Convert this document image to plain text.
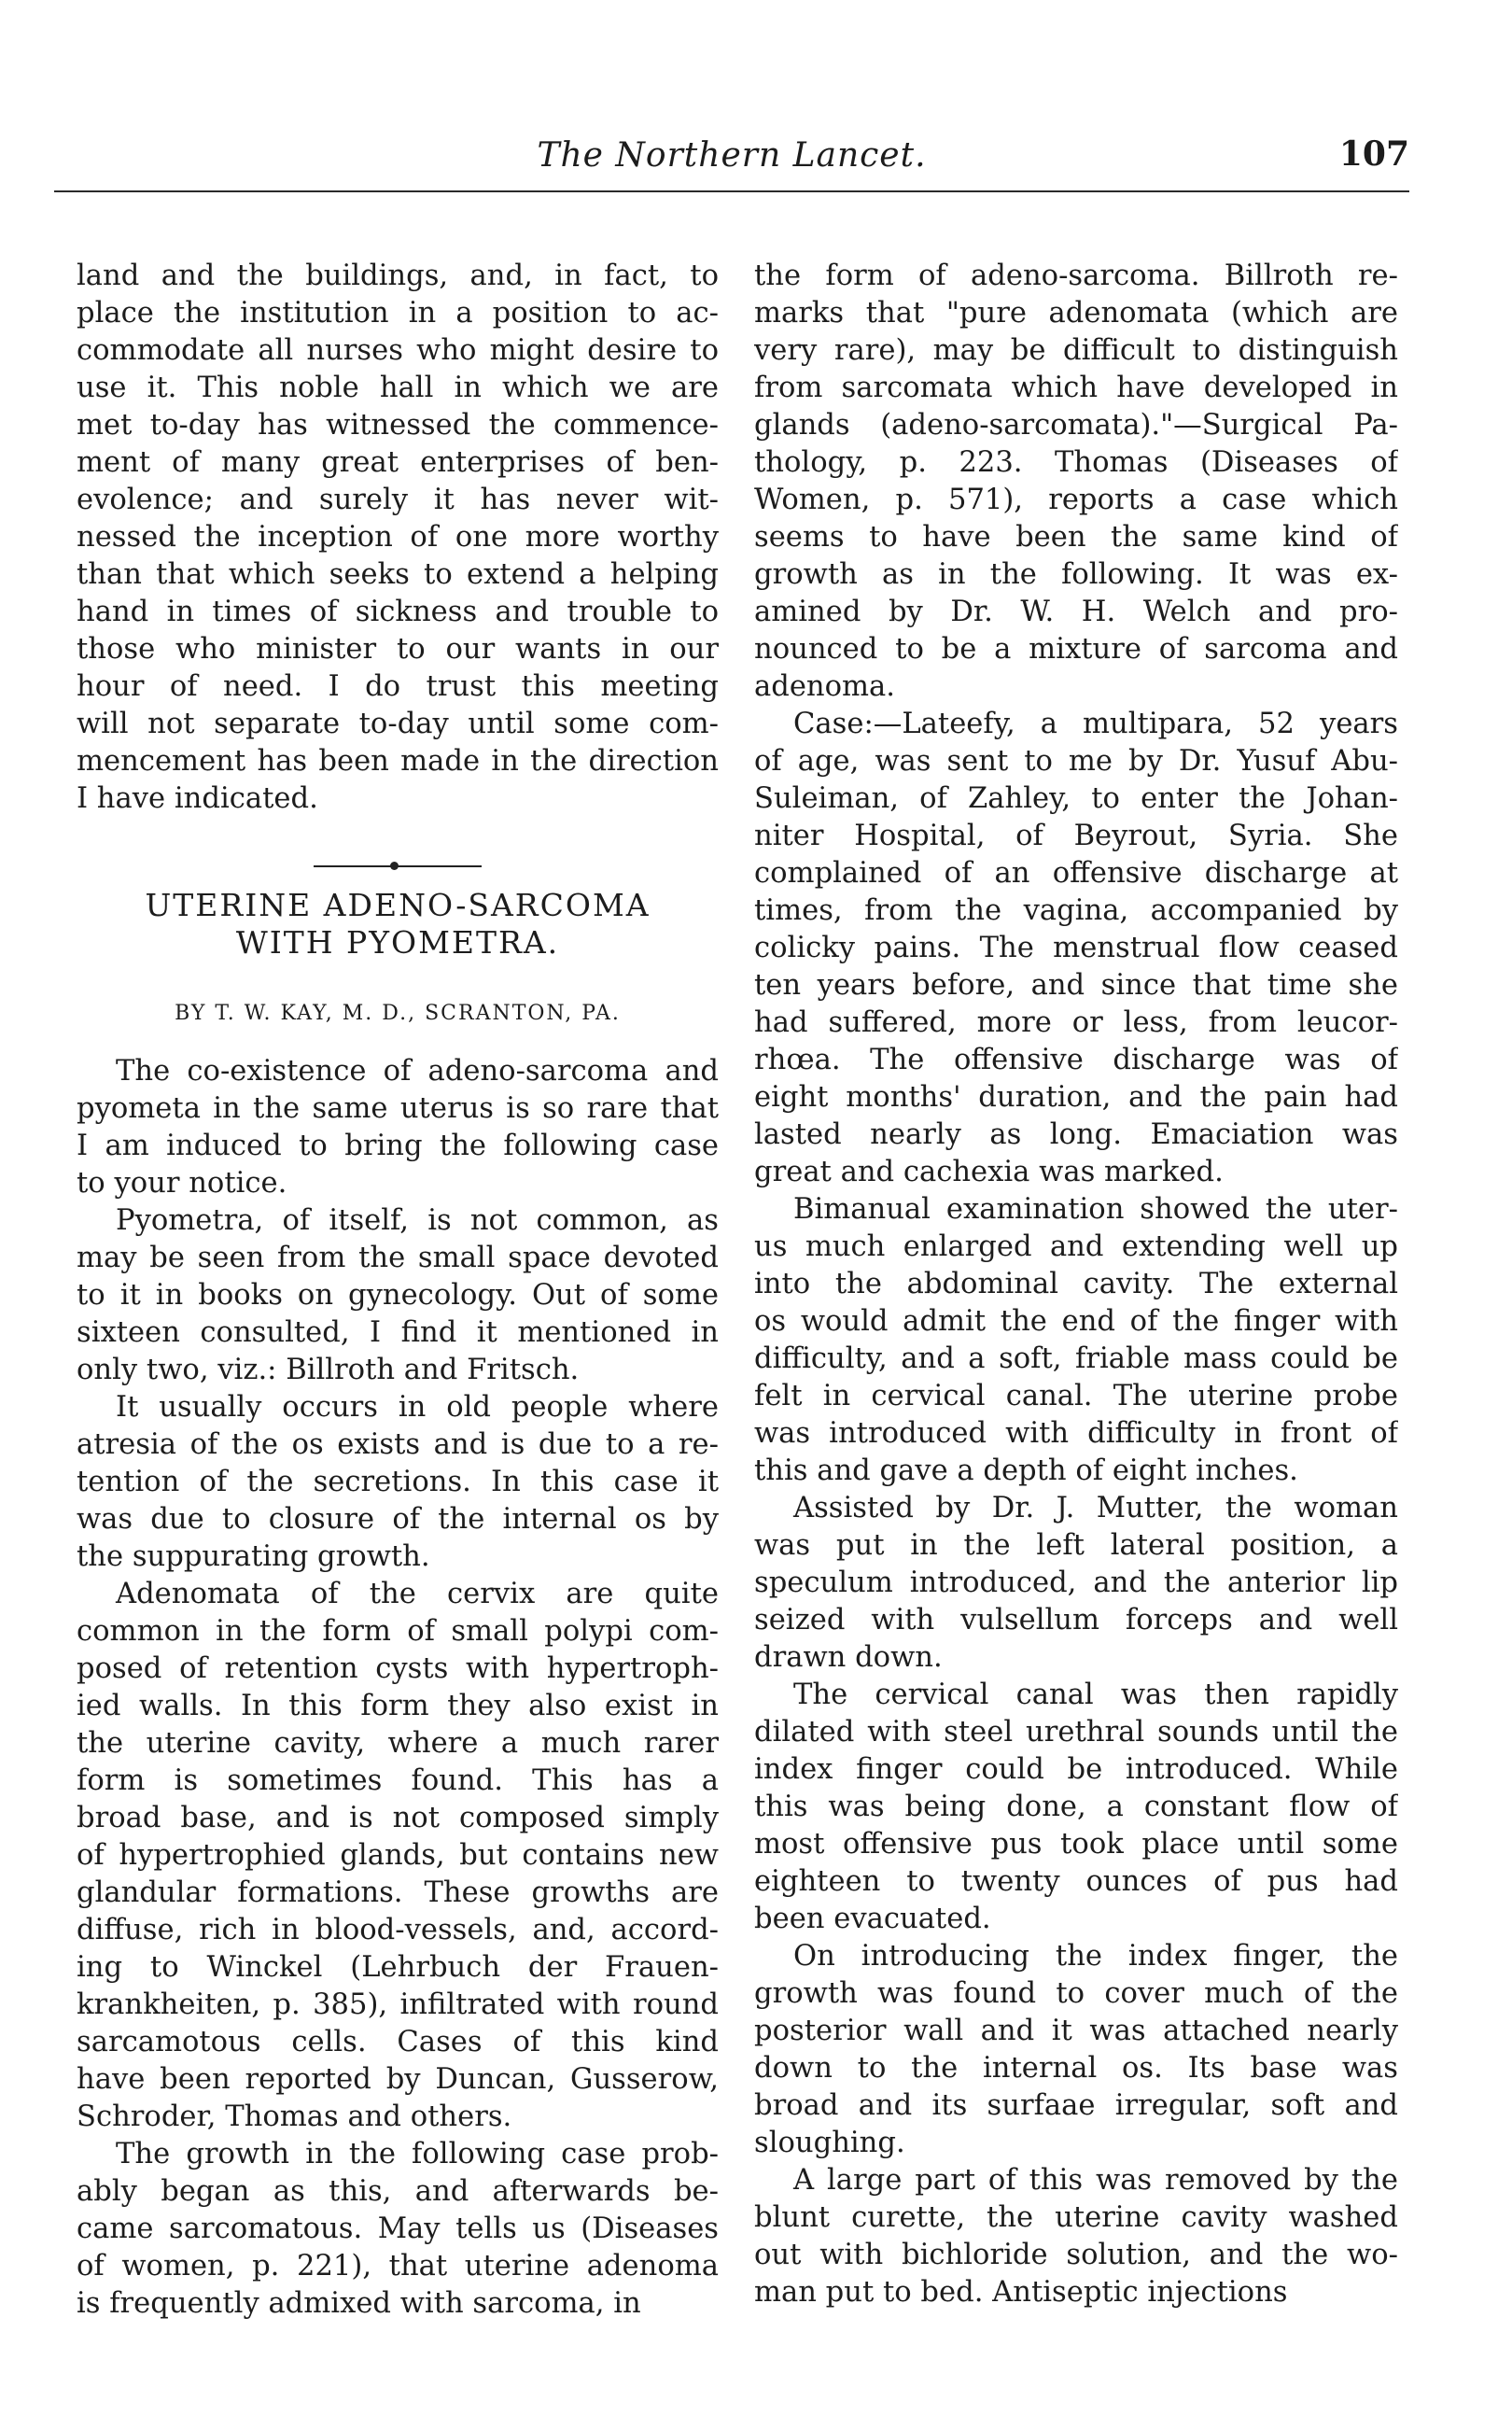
The Northern Lancet.	107
land and the buildings, and, in fact, to
place the institution in a position to ac-
commodate all nurses who might desire to
use it. This noble hall in which we are
met to-day has witnessed the commence-
ment of many great enterprises of ben-
evolence; and surely it has never wit-
nessed the inception of one more worthy
than that which seeks to extend a helping
hand in times of sickness and trouble to
those who minister to our wants in our
hour of need. I do trust this meeting
will not separate to-day until some com-
mencement has been made in the direction
I have indicated.
UTERINE ADENO-SARCOMA
WITH PYOMETRA.
BY T. W. KAY, M. D., SCRANTON, PA.
The co-existence of adeno-sarcoma and
pyometa in the same uterus is so rare that
I am induced to bring the following case
to your notice.
Pyometra, of itself, is not common, as
may be seen from the small space devoted
to it in books on gynecology. Out of some
sixteen consulted, I find it mentioned in
only two, viz.: Billroth and Fritsch.
It usually occurs in old people where
atresia of the os exists and is due to a re-
tention of the secretions. In this case it
was due to closure of the internal os by
the suppurating growth.
Adenomata of the cervix are quite
common in the form of small polypi com-
posed of retention cysts with hypertroph-
ied walls. In this form they also exist in
the uterine cavity, where a much rarer
form is sometimes found. This has a
broad base, and is not composed simply
of hypertrophied glands, but contains new
glandular formations. These growths are
diffuse, rich in blood-vessels, and, accord-
ing to Winckel (Lehrbuch der Frauen-
krankheiten, p. 385), infiltrated with round
sarcamotous cells. Cases of this kind
have been reported by Duncan, Gusserow,
Schroder, Thomas and others.
The growth in the following case prob-
ably began as this, and afterwards be-
came sarcomatous. May tells us (Diseases
of women, p. 221), that uterine adenoma
is frequently admixed with sarcoma, in
the form of adeno-sarcoma. Billroth re-
marks that "pure adenomata (which are
very rare), may be difficult to distinguish
from sarcomata which have developed in
glands (adeno-sarcomata)."—Surgical Pa-
thology, p. 223. Thomas (Diseases of
Women, p. 571), reports a case which
seems to have been the same kind of
growth as in the following. It was ex-
amined by Dr. W. H. Welch and pro-
nounced to be a mixture of sarcoma and
adenoma.
Case:—Lateefy, a multipara, 52 years
of age, was sent to me by Dr. Yusuf Abu-
Suleiman, of Zahley, to enter the Johan-
niter Hospital, of Beyrout, Syria. She
complained of an offensive discharge at
times, from the vagina, accompanied by
colicky pains. The menstrual flow ceased
ten years before, and since that time she
had suffered, more or less, from leucor-
rhœa. The offensive discharge was of
eight months' duration, and the pain had
lasted nearly as long. Emaciation was
great and cachexia was marked.
Bimanual examination showed the uter-
us much enlarged and extending well up
into the abdominal cavity. The external
os would admit the end of the finger with
difficulty, and a soft, friable mass could be
felt in cervical canal. The uterine probe
was introduced with difficulty in front of
this and gave a depth of eight inches.
Assisted by Dr. J. Mutter, the woman
was put in the left lateral position, a
speculum introduced, and the anterior lip
seized with vulsellum forceps and well
drawn down.
The cervical canal was then rapidly
dilated with steel urethral sounds until the
index finger could be introduced. While
this was being done, a constant flow of
most offensive pus took place until some
eighteen to twenty ounces of pus had
been evacuated.
On introducing the index finger, the
growth was found to cover much of the
posterior wall and it was attached nearly
down to the internal os. Its base was
broad and its surfaae irregular, soft and
sloughing.
A large part of this was removed by the
blunt curette, the uterine cavity washed
out with bichloride solution, and the wo-
man put to bed. Antiseptic injections
